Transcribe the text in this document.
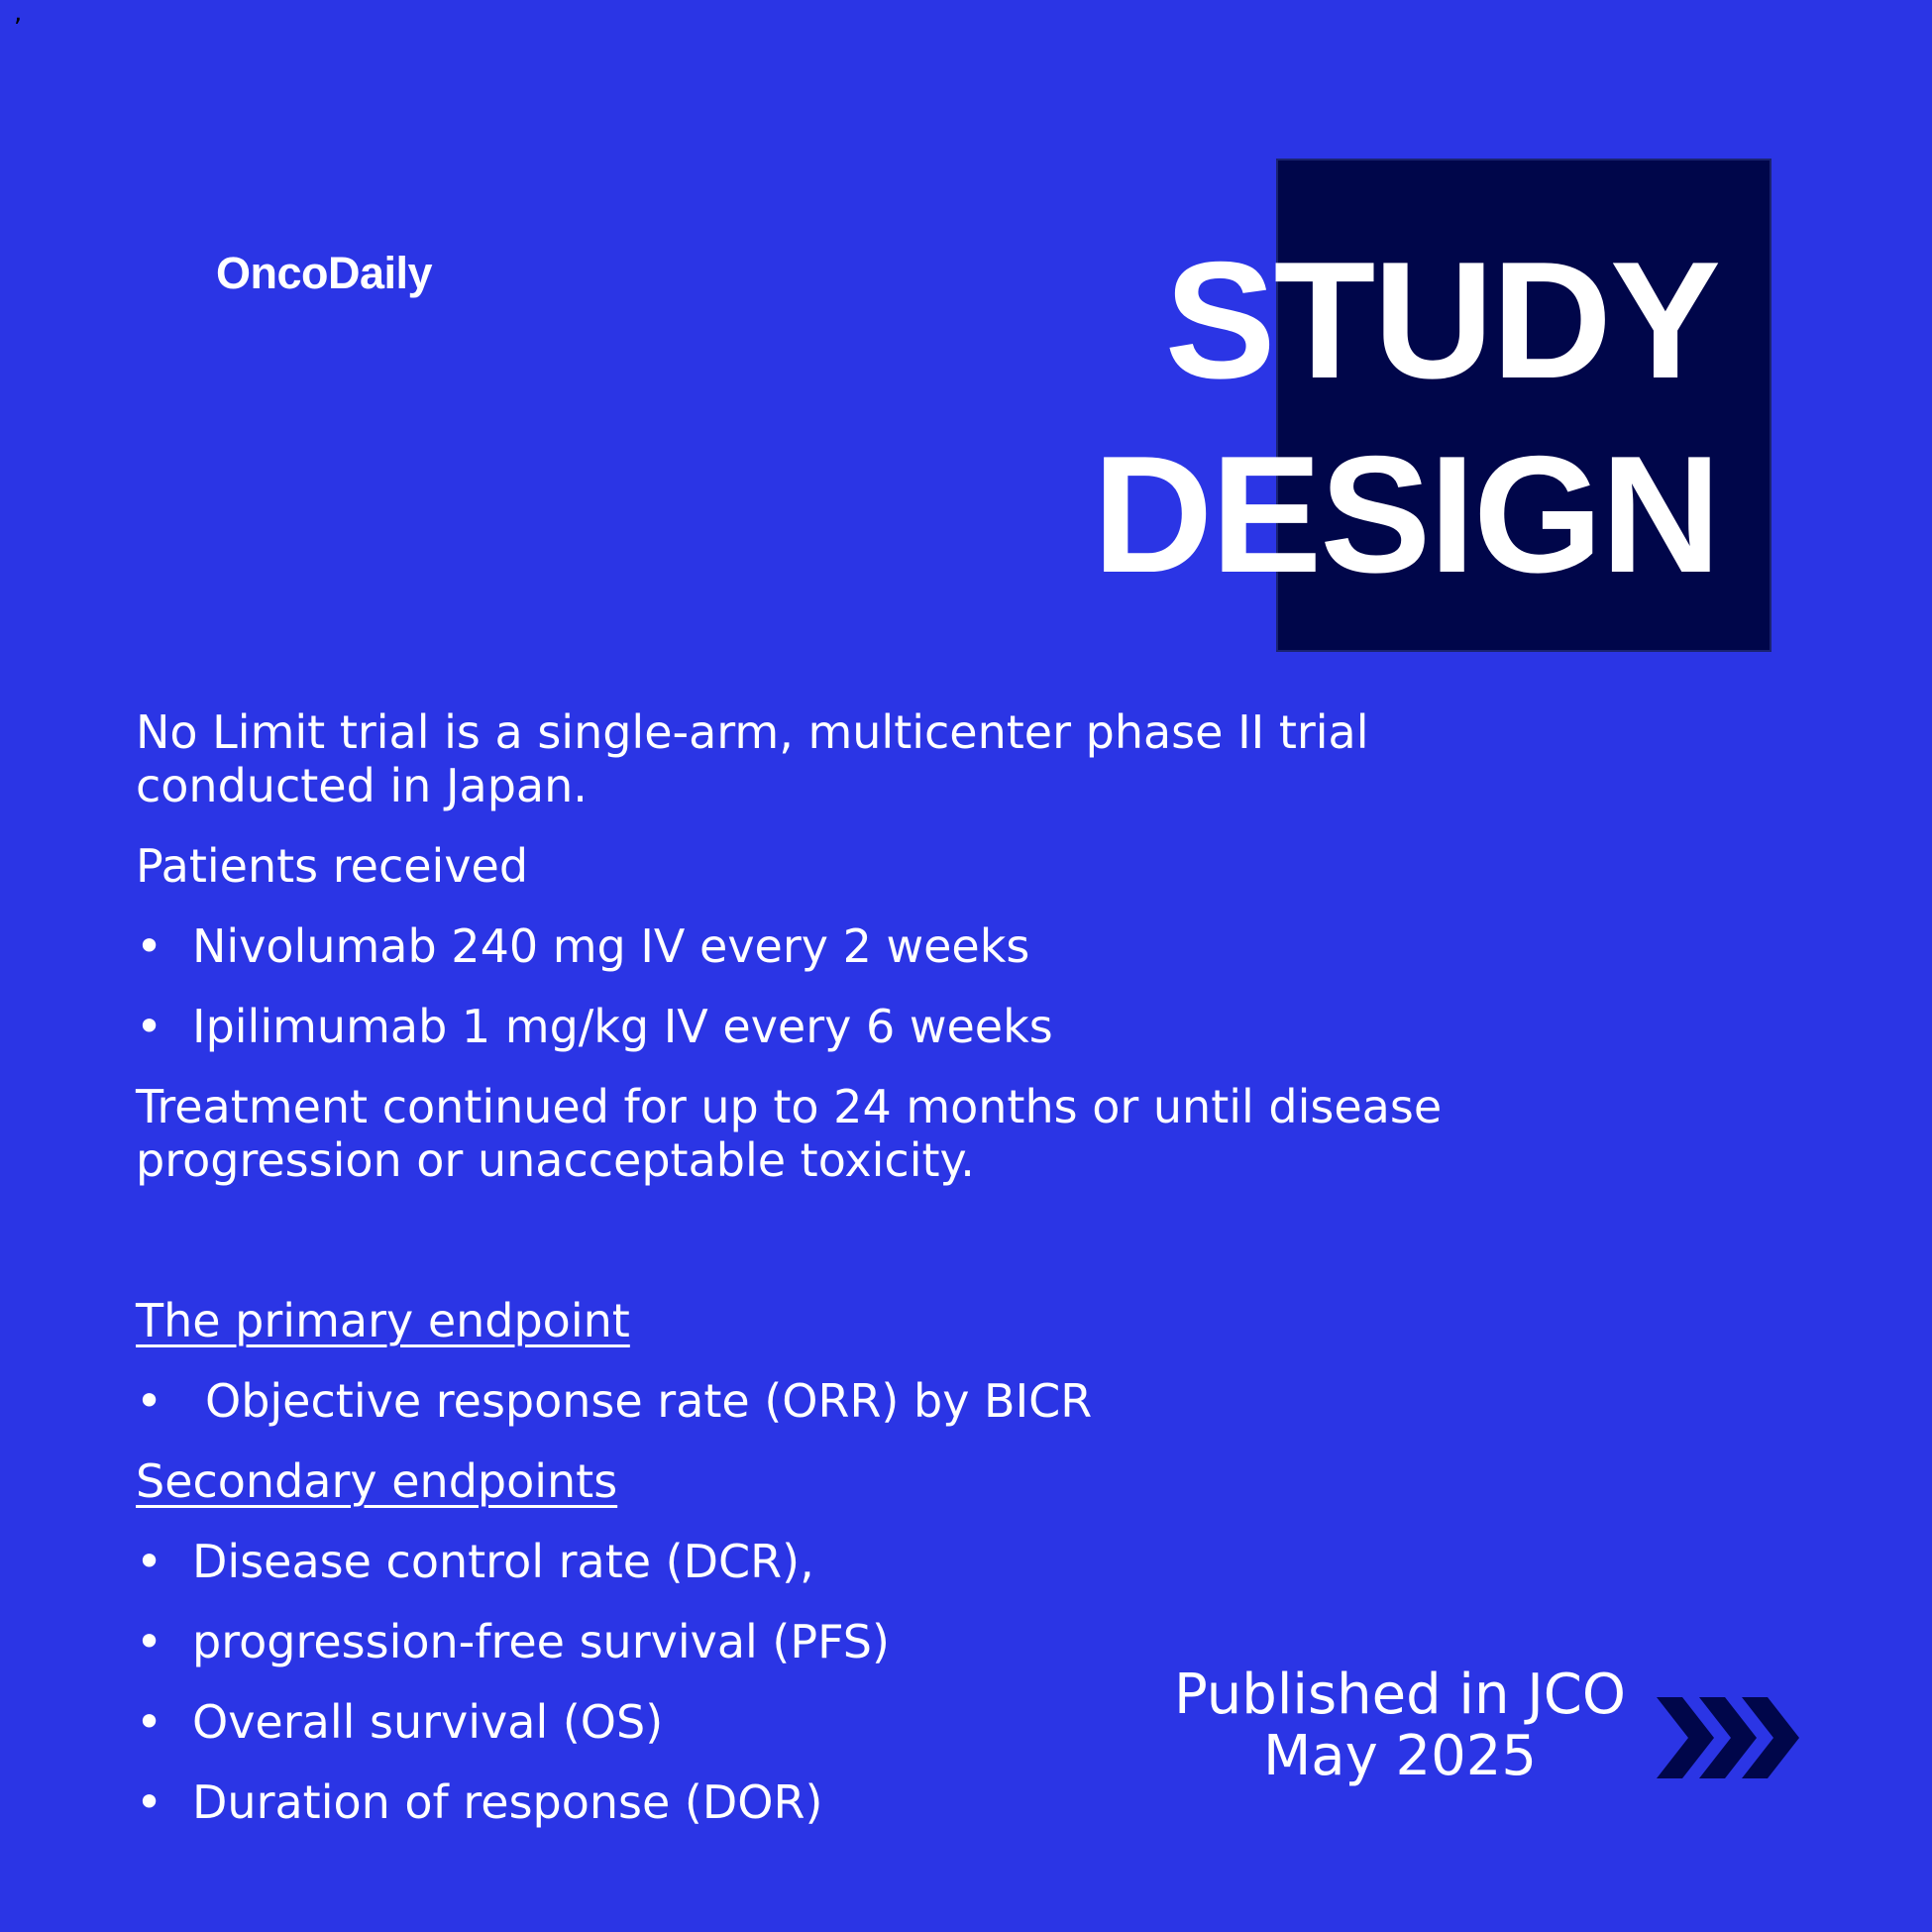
,
OncoDaily	STUDY
DESIGN

No Limit trial is a single-arm, multicenter phase II trial conducted in Japan.

Patients received

• Nivolumab 240 mg IV every 2 weeks
• Ipilimumab 1 mg/kg IV every 6 weeks

Treatment continued for up to 24 months or until disease progression or unacceptable toxicity.

The primary endpoint

• Objective response rate (ORR) by BICR

Secondary endpoints

• Disease control rate (DCR),
• progression-free survival (PFS)
• Overall survival (OS)
• Duration of response (DOR)
Published in JCO
May 2025
